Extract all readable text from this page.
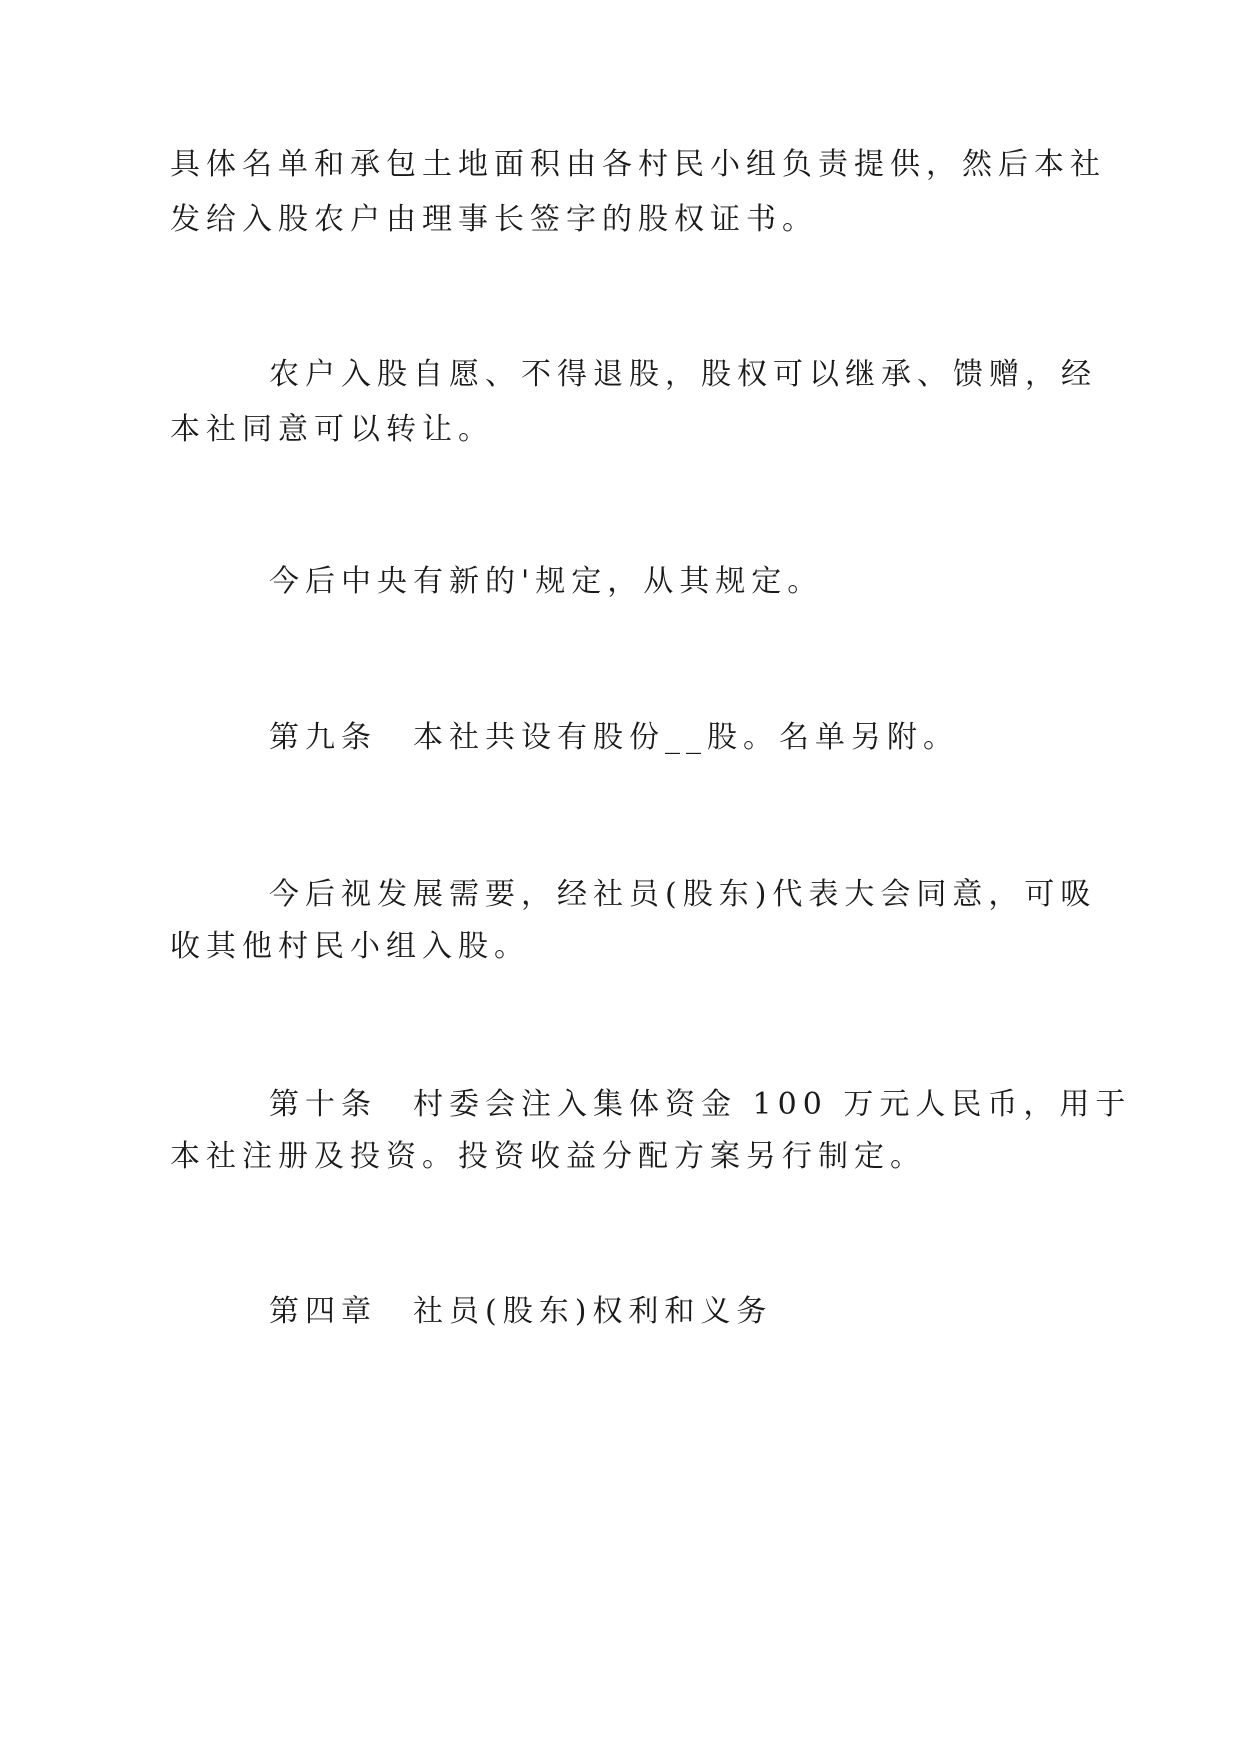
具体名单和承包土地面积由各村民小组负责提供，然后本社

发给入股农户由理事长签字的股权证书。

农户入股自愿、不得退股，股权可以继承、馈赠，经

本社同意可以转让。

今后中央有新的'规定，从其规定。

第九条　本社共设有股份__股。名单另附。

今后视发展需要，经社员(股东)代表大会同意，可吸

收其他村民小组入股。

第十条　村委会注入集体资金 100 万元人民币，用于

本社注册及投资。投资收益分配方案另行制定。

第四章　社员(股东)权利和义务
